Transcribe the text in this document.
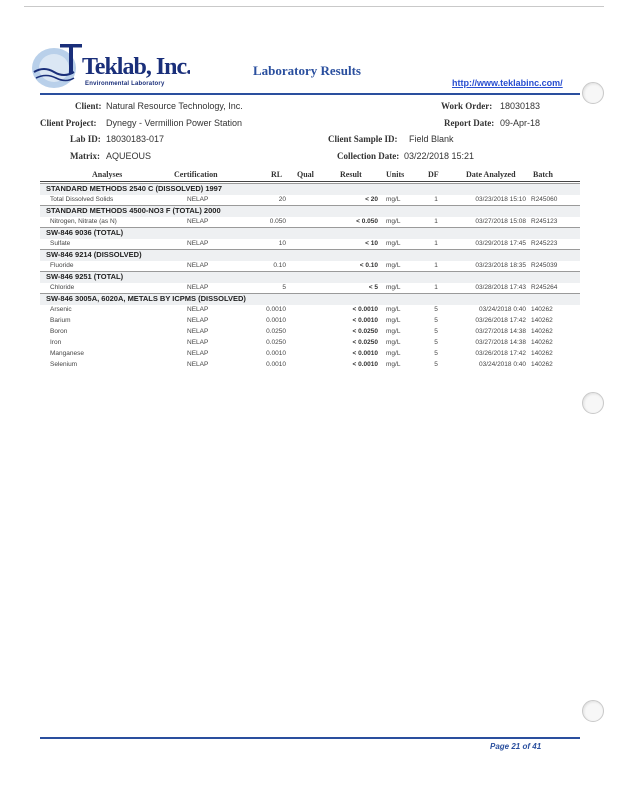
Teklab, Inc.
Environmental Laboratory
Laboratory Results
http://www.teklabinc.com/
Client: Natural Resource Technology, Inc.
Client Project: Dynegy - Vermillion Power Station
Lab ID: 18030183-017
Matrix: AQUEOUS
Work Order: 18030183
Report Date: 09-Apr-18
Client Sample ID: Field Blank
Collection Date: 03/22/2018 15:21
Analyses	Certification	RL Qual	Result	Units	DF	Date Analyzed Batch
STANDARD METHODS 2540 C (DISSOLVED) 1997
Total Dissolved Solids	NELAP	20	< 20 mg/L	1	03/23/2018 15:10 R245060
STANDARD METHODS 4500-NO3 F (TOTAL) 2000
Nitrogen, Nitrate (as N)	NELAP	0.050	< 0.050 mg/L	1	03/27/2018 15:08 R245123
SW-846 9036 (TOTAL)
Sulfate	NELAP	10	< 10 mg/L	1	03/29/2018 17:45 R245223
SW-846 9214 (DISSOLVED)
Fluoride	NELAP	0.10	< 0.10 mg/L	1	03/23/2018 18:35 R245039
SW-846 9251 (TOTAL)
Chloride	NELAP	5	< 5 mg/L	1	03/28/2018 17:43 R245264
SW-846 3005A, 6020A, METALS BY ICPMS (DISSOLVED)
Arsenic	NELAP	0.0010	< 0.0010 mg/L	5	03/24/2018 0:40 140262
Barium	NELAP	0.0010	< 0.0010 mg/L	5	03/26/2018 17:42 140262
Boron	NELAP	0.0250	< 0.0250 mg/L	5	03/27/2018 14:38 140262
Iron	NELAP	0.0250	< 0.0250 mg/L	5	03/27/2018 14:38 140262
Manganese	NELAP	0.0010	< 0.0010 mg/L	5	03/26/2018 17:42 140262
Selenium	NELAP	0.0010	< 0.0010 mg/L	5	03/24/2018 0:40 140262
Page 21 of 41
